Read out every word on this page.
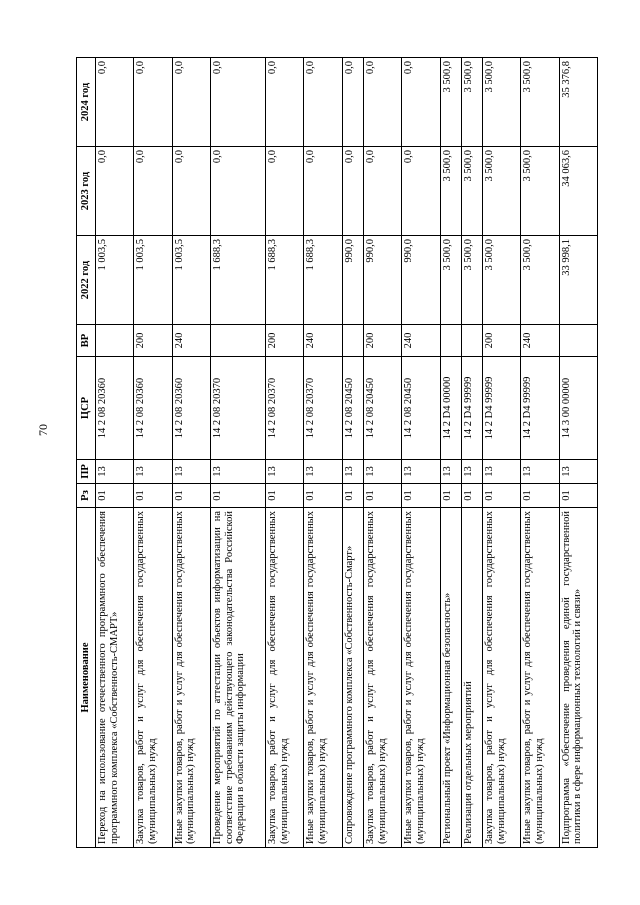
70
Наименование	Рз	ПР	ЦСР	ВР	2022 год	2023 год	2024 год
Переход на использование отечественного программного обеспечения программного комплекса «Собственность-СМАРТ»	01	13	14 2 08 20360		1 003,5	0,0	0,0
Закупка товаров, работ и услуг для обеспечения государственных (муниципальных) нужд	01	13	14 2 08 20360	200	1 003,5	0,0	0,0
Иные закупки товаров, работ и услуг для обеспечения государственных (муниципальных) нужд	01	13	14 2 08 20360	240	1 003,5	0,0	0,0
Проведение мероприятий по аттестации объектов информатизации на соответствие требованиям действующего законодательства Российской Федерации в области защиты информации	01	13	14 2 08 20370		1 688,3	0,0	0,0
Закупка товаров, работ и услуг для обеспечения государственных (муниципальных) нужд	01	13	14 2 08 20370	200	1 688,3	0,0	0,0
Иные закупки товаров, работ и услуг для обеспечения государственных (муниципальных) нужд	01	13	14 2 08 20370	240	1 688,3	0,0	0,0
Сопровождение программного комплекса «Собственность-Смарт»	01	13	14 2 08 20450		990,0	0,0	0,0
Закупка товаров, работ и услуг для обеспечения государственных (муниципальных) нужд	01	13	14 2 08 20450	200	990,0	0,0	0,0
Иные закупки товаров, работ и услуг для обеспечения государственных (муниципальных) нужд	01	13	14 2 08 20450	240	990,0	0,0	0,0
Региональный проект «Информационная безопасность»	01	13	14 2 D4 00000		3 500,0	3 500,0	3 500,0
Реализация отдельных мероприятий	01	13	14 2 D4 99999		3 500,0	3 500,0	3 500,0
Закупка товаров, работ и услуг для обеспечения государственных (муниципальных) нужд	01	13	14 2 D4 99999	200	3 500,0	3 500,0	3 500,0
Иные закупки товаров, работ и услуг для обеспечения государственных (муниципальных) нужд	01	13	14 2 D4 99999	240	3 500,0	3 500,0	3 500,0
Подпрограмма «Обеспечение проведения единой государственной политики в сфере информационных технологий и связи»	01	13	14 3 00 00000		33 998,1	34 063,6	35 376,8
